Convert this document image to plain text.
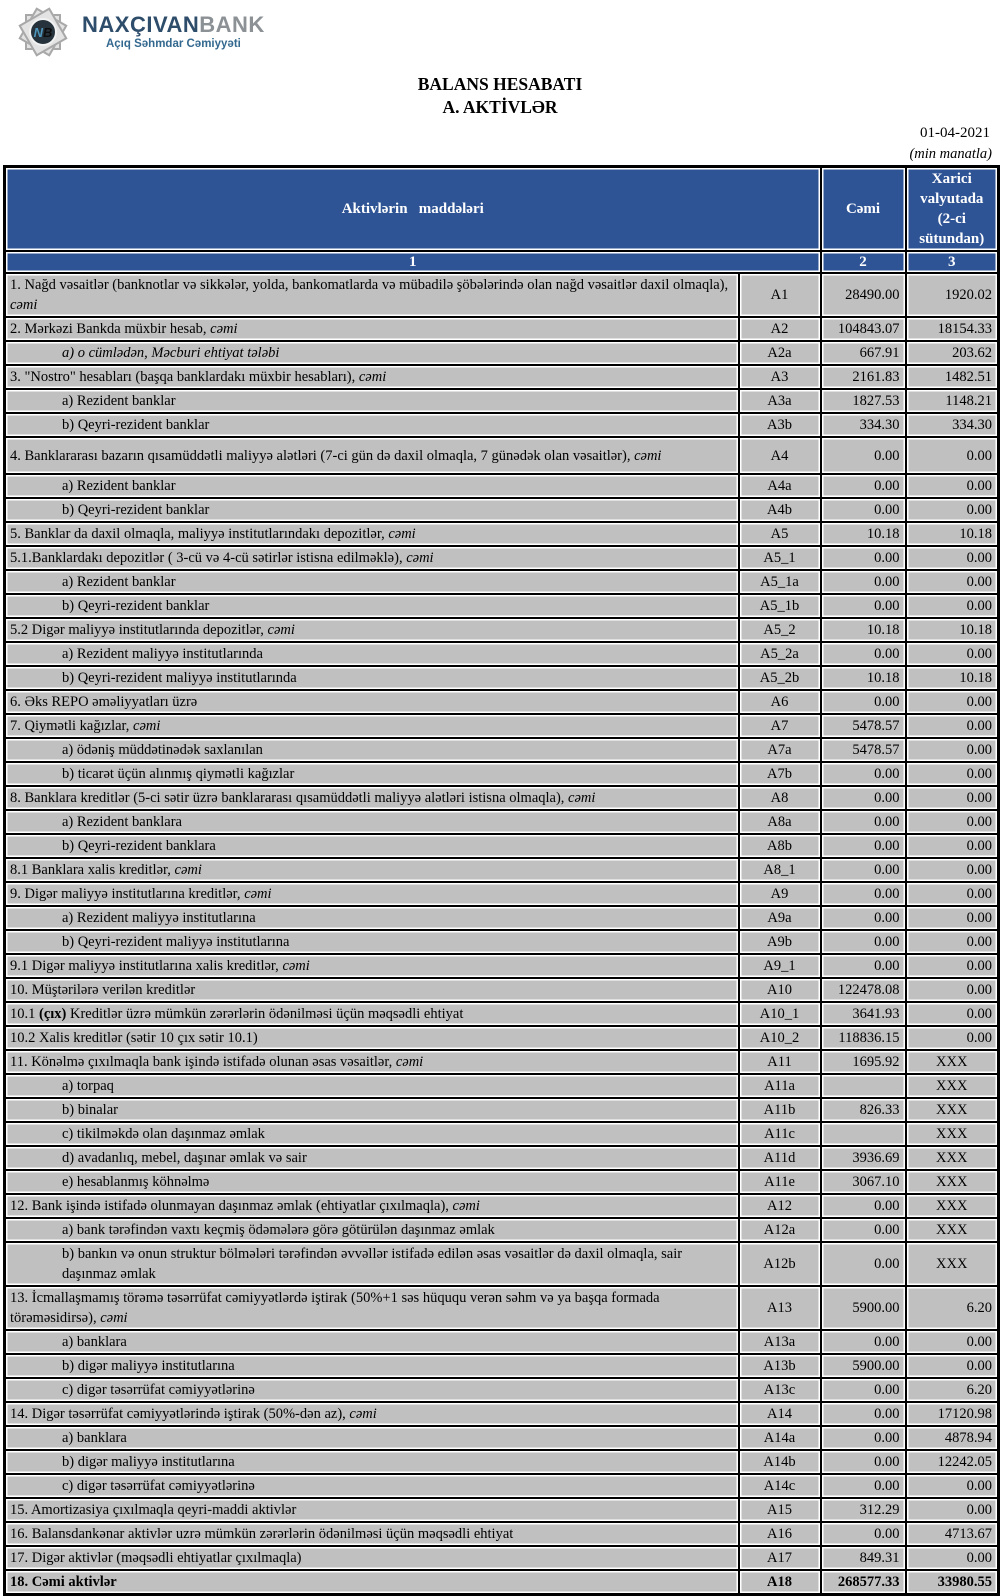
NB NAXÇIVANBANK
Açıq Səhmdar Cəmiyyəti
BALANS HESABATI
A. AKTİVLƏR
01-04-2021
(min manatla)
Aktivlərin   maddələri		Cəmi	Xarici valyutada (2-ci sütundan)
1		2	3
1. Nağd vəsaitlər (banknotlar və sikkələr, yolda, bankomatlarda və mübadilə şöbələrində olan nağd vəsaitlər daxil olmaqla), cəmi	A1	28490.00	1920.02
2. Mərkəzi Bankda müxbir hesab, cəmi	A2	104843.07	18154.33
a) o cümlədən, Məcburi ehtiyat tələbi	A2a	667.91	203.62
3. "Nostro" hesabları (başqa banklardakı müxbir hesabları), cəmi	A3	2161.83	1482.51
a) Rezident banklar	A3a	1827.53	1148.21
b) Qeyri-rezident banklar	A3b	334.30	334.30
4. Banklararası bazarın qısamüddətli maliyyə alətləri (7-ci gün də daxil olmaqla, 7 günədək olan vəsaitlər), cəmi	A4	0.00	0.00
a) Rezident banklar	A4a	0.00	0.00
b) Qeyri-rezident banklar	A4b	0.00	0.00
5. Banklar da daxil olmaqla, maliyyə institutlarındakı depozitlər, cəmi	A5	10.18	10.18
5.1.Banklardakı depozitlər ( 3-cü və 4-cü sətirlər istisna edilməklə), cəmi	A5_1	0.00	0.00
a) Rezident banklar	A5_1a	0.00	0.00
b) Qeyri-rezident banklar	A5_1b	0.00	0.00
5.2 Digər maliyyə institutlarında depozitlər, cəmi	A5_2	10.18	10.18
a) Rezident maliyyə institutlarında	A5_2a	0.00	0.00
b) Qeyri-rezident maliyyə institutlarında	A5_2b	10.18	10.18
6. Əks REPO əməliyyatları üzrə	A6	0.00	0.00
7. Qiymətli kağızlar, cəmi	A7	5478.57	0.00
a) ödəniş müddətinədək saxlanılan	A7a	5478.57	0.00
b) ticarət üçün alınmış qiymətli kağızlar	A7b	0.00	0.00
8. Banklara kreditlər (5-ci sətir üzrə banklararası qısamüddətli maliyyə alətləri istisna olmaqla), cəmi	A8	0.00	0.00
a) Rezident banklara	A8a	0.00	0.00
b) Qeyri-rezident banklara	A8b	0.00	0.00
8.1 Banklara xalis kreditlər, cəmi	A8_1	0.00	0.00
9. Digər maliyyə institutlarına kreditlər, cəmi	A9	0.00	0.00
a) Rezident maliyyə institutlarına	A9a	0.00	0.00
b) Qeyri-rezident maliyyə institutlarına	A9b	0.00	0.00
9.1 Digər maliyyə institutlarına xalis kreditlər, cəmi	A9_1	0.00	0.00
10. Müştərilərə verilən kreditlər	A10	122478.08	0.00
10.1 (çıx) Kreditlər üzrə mümkün zərərlərin ödənilməsi üçün məqsədli ehtiyat	A10_1	3641.93	0.00
10.2 Xalis kreditlər (sətir 10 çıx sətir 10.1)	A10_2	118836.15	0.00
11. Könəlmə çıxılmaqla bank işində istifadə olunan əsas vəsaitlər, cəmi	A11	1695.92	XXX
a) torpaq	A11a		XXX
b) binalar	A11b	826.33	XXX
c) tikilməkdə olan daşınmaz əmlak	A11c		XXX
d) avadanlıq, mebel, daşınar əmlak və sair	A11d	3936.69	XXX
e) hesablanmış köhnəlmə	A11e	3067.10	XXX
12. Bank işində istifadə olunmayan daşınmaz əmlak (ehtiyatlar çıxılmaqla), cəmi	A12	0.00	XXX
a) bank tərəfindən vaxtı keçmiş ödəmələrə görə götürülən daşınmaz əmlak	A12a	0.00	XXX
b) bankın və onun struktur bölmələri tərəfindən əvvəllər istifadə edilən əsas vəsaitlər də daxil olmaqla, sair daşınmaz əmlak	A12b	0.00	XXX
13. İcmallaşmamış törəmə təsərrüfat cəmiyyətlərdə iştirak (50%+1 səs hüququ verən səhm və ya başqa formada törəməsidirsə), cəmi	A13	5900.00	6.20
a) banklara	A13a	0.00	0.00
b) digər maliyyə institutlarına	A13b	5900.00	0.00
c) digər təsərrüfat cəmiyyətlərinə	A13c	0.00	6.20
14. Digər təsərrüfat cəmiyyətlərində iştirak (50%-dən az), cəmi	A14	0.00	17120.98
a) banklara	A14a	0.00	4878.94
b) digər maliyyə institutlarına	A14b	0.00	12242.05
c) digər təsərrüfat cəmiyyətlərinə	A14c	0.00	0.00
15. Amortizasiya çıxılmaqla qeyri-maddi aktivlər	A15	312.29	0.00
16. Balansdankənar aktivlər uzrə mümkün zərərlərin ödənilməsi üçün məqsədli ehtiyat	A16	0.00	4713.67
17. Digər aktivlər (məqsədli ehtiyatlar çıxılmaqla)	A17	849.31	0.00
18. Cəmi aktivlər	A18	268577.33	33980.55
